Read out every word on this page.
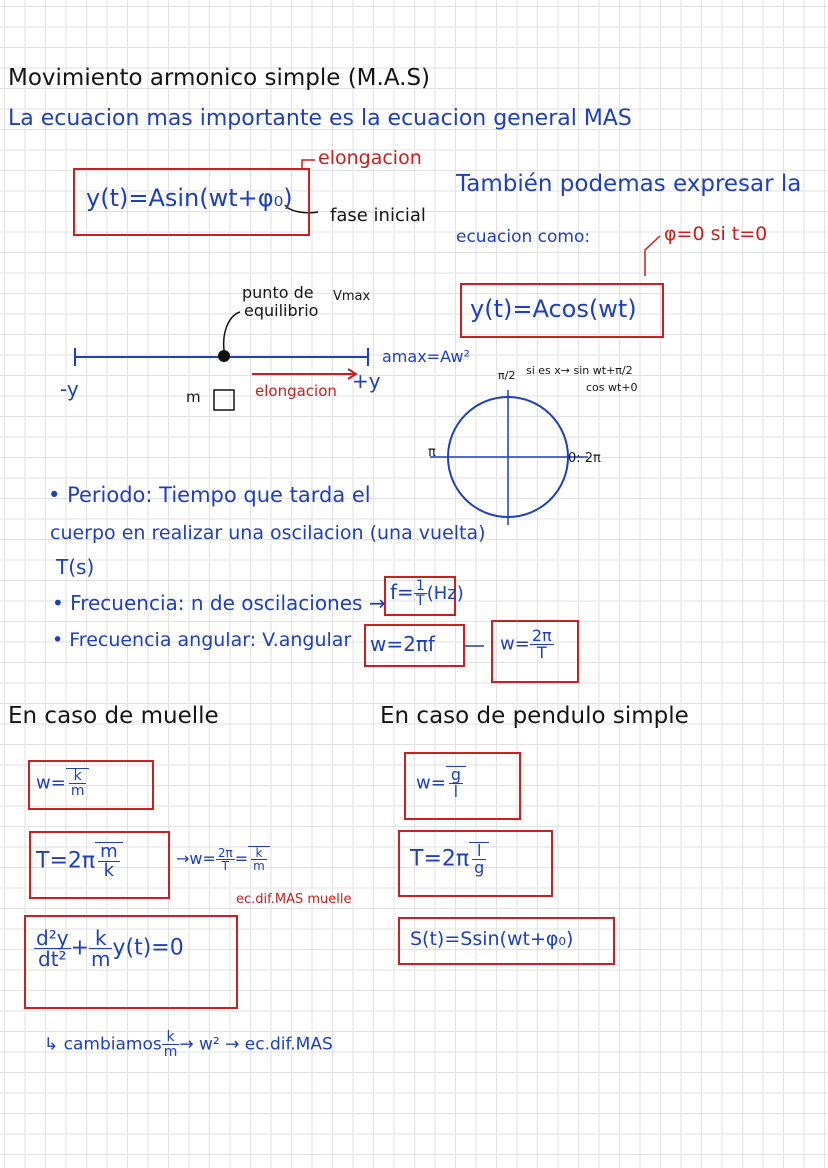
Movimiento armonico simple (M.A.S)
La ecuacion mas importante es la ecuacion general MAS
elongacion
y(t)=Asin(wt+φ₀)
fase inicial
También podemas expresar la
ecuacion como:	φ=0 si t=0
y(t)=Acos(wt)
punto de
equilibrio
Vmax
amax=Aw²
-y	+y
m	elongacion
π/2
π	0: 2π
si es x→ sin wt+π/2
cos wt+0
• Periodo: Tiempo que tarda el
cuerpo en realizar una oscilacion (una vuelta)
T(s)
• Frecuencia: n de oscilaciones → $f= \frac{1}{T} (Hz)$
• Frecuencia angular: V.angular w=2πf	$w= \frac{2\pi}{T}$
En caso de muelle
$w= \frac{k}{m}$
$T=2\pi \frac{m}{k}$	$\to w= \frac{2\pi}{T} = \frac{k}{m}$
ec.dif.MAS muelle
$\frac{\text{d²y}}{\text{dt²}} + \frac{k}{m} y(t)=0$
↳ cambiamos $\frac{k}{m} \to w^2 \to ec.dif.MAS$
En caso de pendulo simple
$w= \frac{g}{l}$
$T=2\pi \frac{l}{g}$
S(t)=Ssin(wt+φ₀)
